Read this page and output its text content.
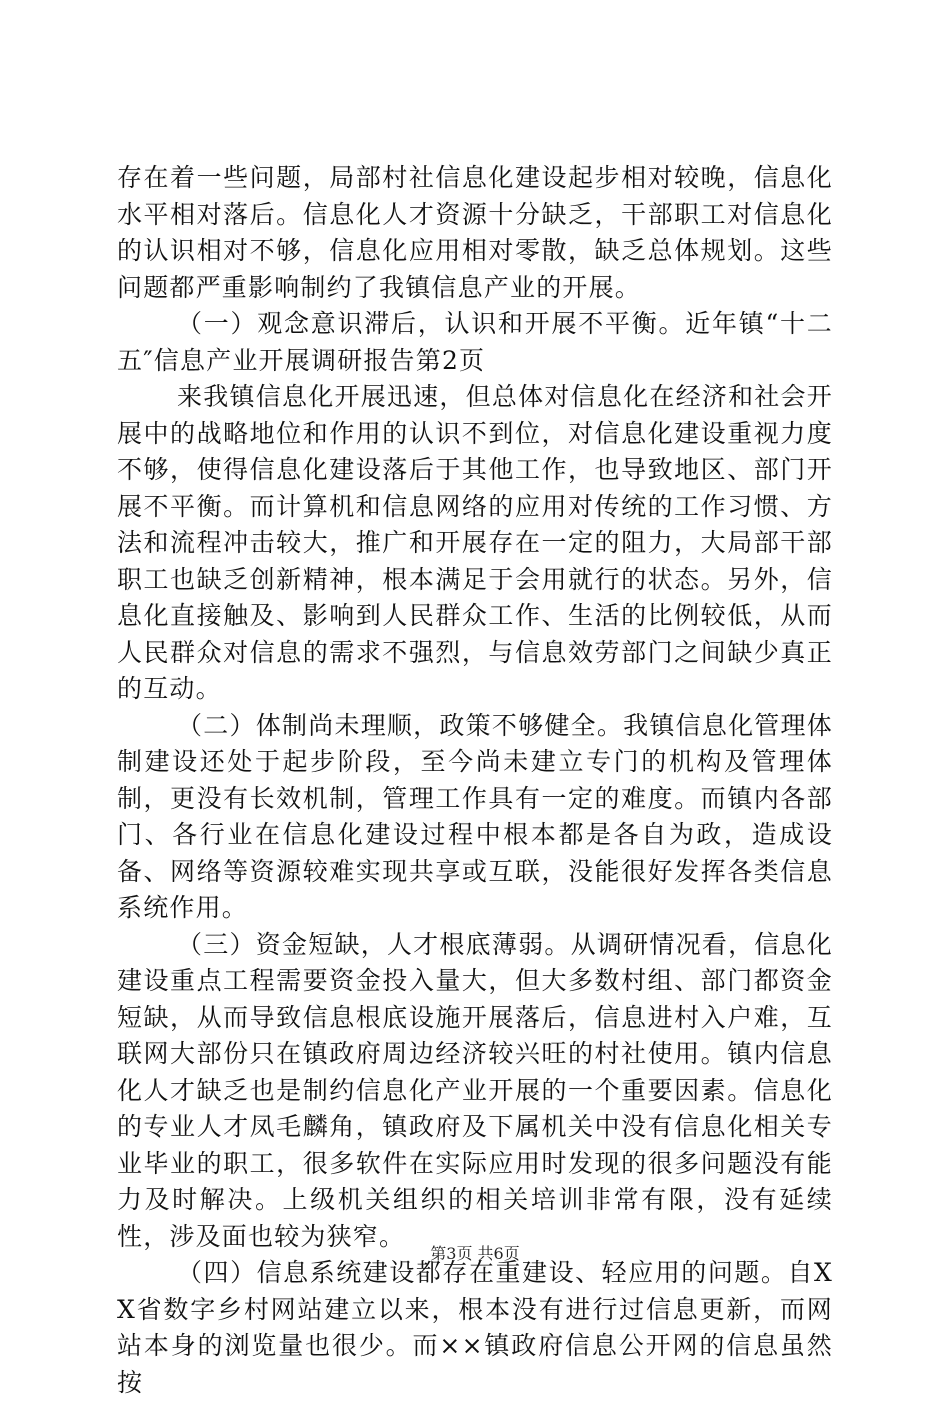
存在着一些问题，局部村社信息化建设起步相对较晚，信息化水平相对落后。信息化人才资源十分缺乏，干部职工对信息化的认识相对不够，信息化应用相对零散，缺乏总体规划。这些问题都严重影响制约了我镇信息产业的开展。

（一）观念意识滞后，认识和开展不平衡。近年镇“十二五″信息产业开展调研报告第2页

来我镇信息化开展迅速，但总体对信息化在经济和社会开展中的战略地位和作用的认识不到位，对信息化建设重视力度不够，使得信息化建设落后于其他工作，也导致地区、部门开展不平衡。而计算机和信息网络的应用对传统的工作习惯、方法和流程冲击较大，推广和开展存在一定的阻力，大局部干部职工也缺乏创新精神，根本满足于会用就行的状态。另外，信息化直接触及、影响到人民群众工作、生活的比例较低，从而人民群众对信息的需求不强烈，与信息效劳部门之间缺少真正的互动。

（二）体制尚未理顺，政策不够健全。我镇信息化管理体制建设还处于起步阶段，至今尚未建立专门的机构及管理体制，更没有长效机制，管理工作具有一定的难度。而镇内各部门、各行业在信息化建设过程中根本都是各自为政，造成设备、网络等资源较难实现共享或互联，没能很好发挥各类信息系统作用。

（三）资金短缺，人才根底薄弱。从调研情况看，信息化建设重点工程需要资金投入量大，但大多数村组、部门都资金短缺，从而导致信息根底设施开展落后，信息进村入户难，互联网大部份只在镇政府周边经济较兴旺的村社使用。镇内信息化人才缺乏也是制约信息化产业开展的一个重要因素。信息化的专业人才凤毛麟角，镇政府及下属机关中没有信息化相关专业毕业的职工，很多软件在实际应用时发现的很多问题没有能力及时解决。上级机关组织的相关培训非常有限，没有延续性，涉及面也较为狭窄。

（四）信息系统建设都存在重建设、轻应用的问题。自XX省数字乡村网站建立以来，根本没有进行过信息更新，而网站本身的浏览量也很少。而××镇政府信息公开网的信息虽然按

第3页 共6页
